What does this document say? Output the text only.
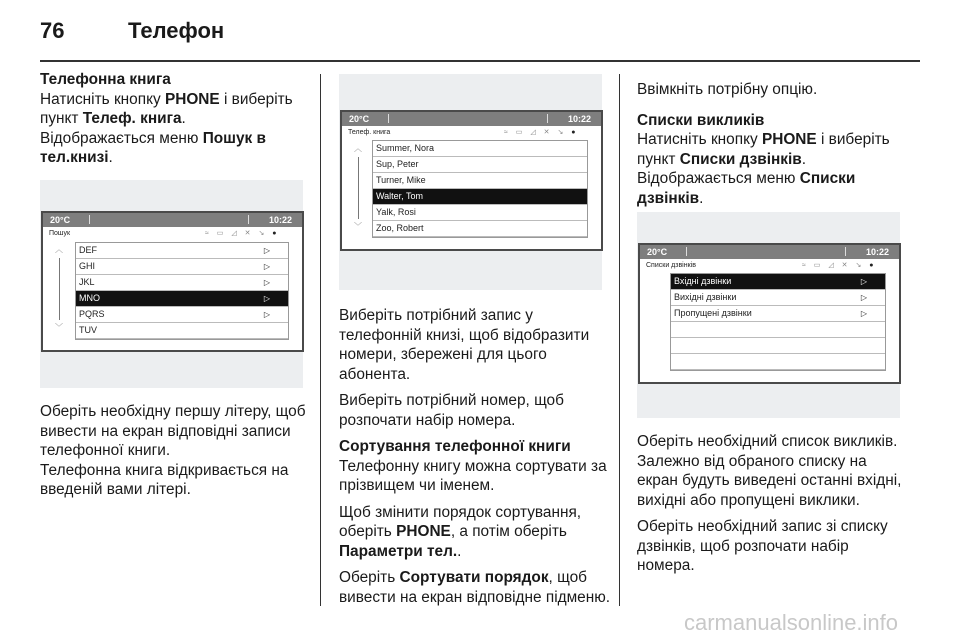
76	Телефон

Телефонна книга
Натисніть кнопку PHONE і виберіть пункт Телеф. книга.
Відображається меню Пошук в тел.книзі.

Оберіть необхідну першу літеру, щоб вивести на екран відповідні записи телефонної книги.

Телефонна книга відкривається на введеній вами літері.

20°C	10:22
Пошук	≈ ▭ ◿ ✕ ↘ ●
︿
﹀
DEF	▷
GHI	▷
JKL	▷
MNO	▷
PQRS	▷
TUV
20°C	10:22
Телеф. книга	≈ ▭ ◿ ✕ ↘ ●
︿
﹀
Summer, Nora
Sup, Peter
Turner, Mike
Walter, Tom
Yalk, Rosi
Zoo, Robert

Виберіть потрібний запис у телефонній книзі, щоб відобразити номери, збережені для цього абонента.

Виберіть потрібний номер, щоб розпочати набір номера.

Сортування телефонної книги
Телефонну книгу можна сортувати за прізвищем чи іменем.

Щоб змінити порядок сортування, оберіть PHONE, а потім оберіть Параметри тел..

Оберіть Сортувати порядок, щоб вивести на екран відповідне підменю.

Ввімкніть потрібну опцію.

Списки викликів
Натисніть кнопку PHONE і виберіть пункт Списки дзвінків.
Відображається меню Списки дзвінків.

20°C	10:22
Списки дзвінків	≈ ▭ ◿ ✕ ↘ ●
Вхідні дзвінки	▷
Вихідні дзвінки	▷
Пропущені дзвінки	▷

Оберіть необхідний список викликів. Залежно від обраного списку на екран будуть виведені останні вхідні, вихідні або пропущені виклики.

Оберіть необхідний запис зі списку дзвінків, щоб розпочати набір номера.

carmanualsonline.info
